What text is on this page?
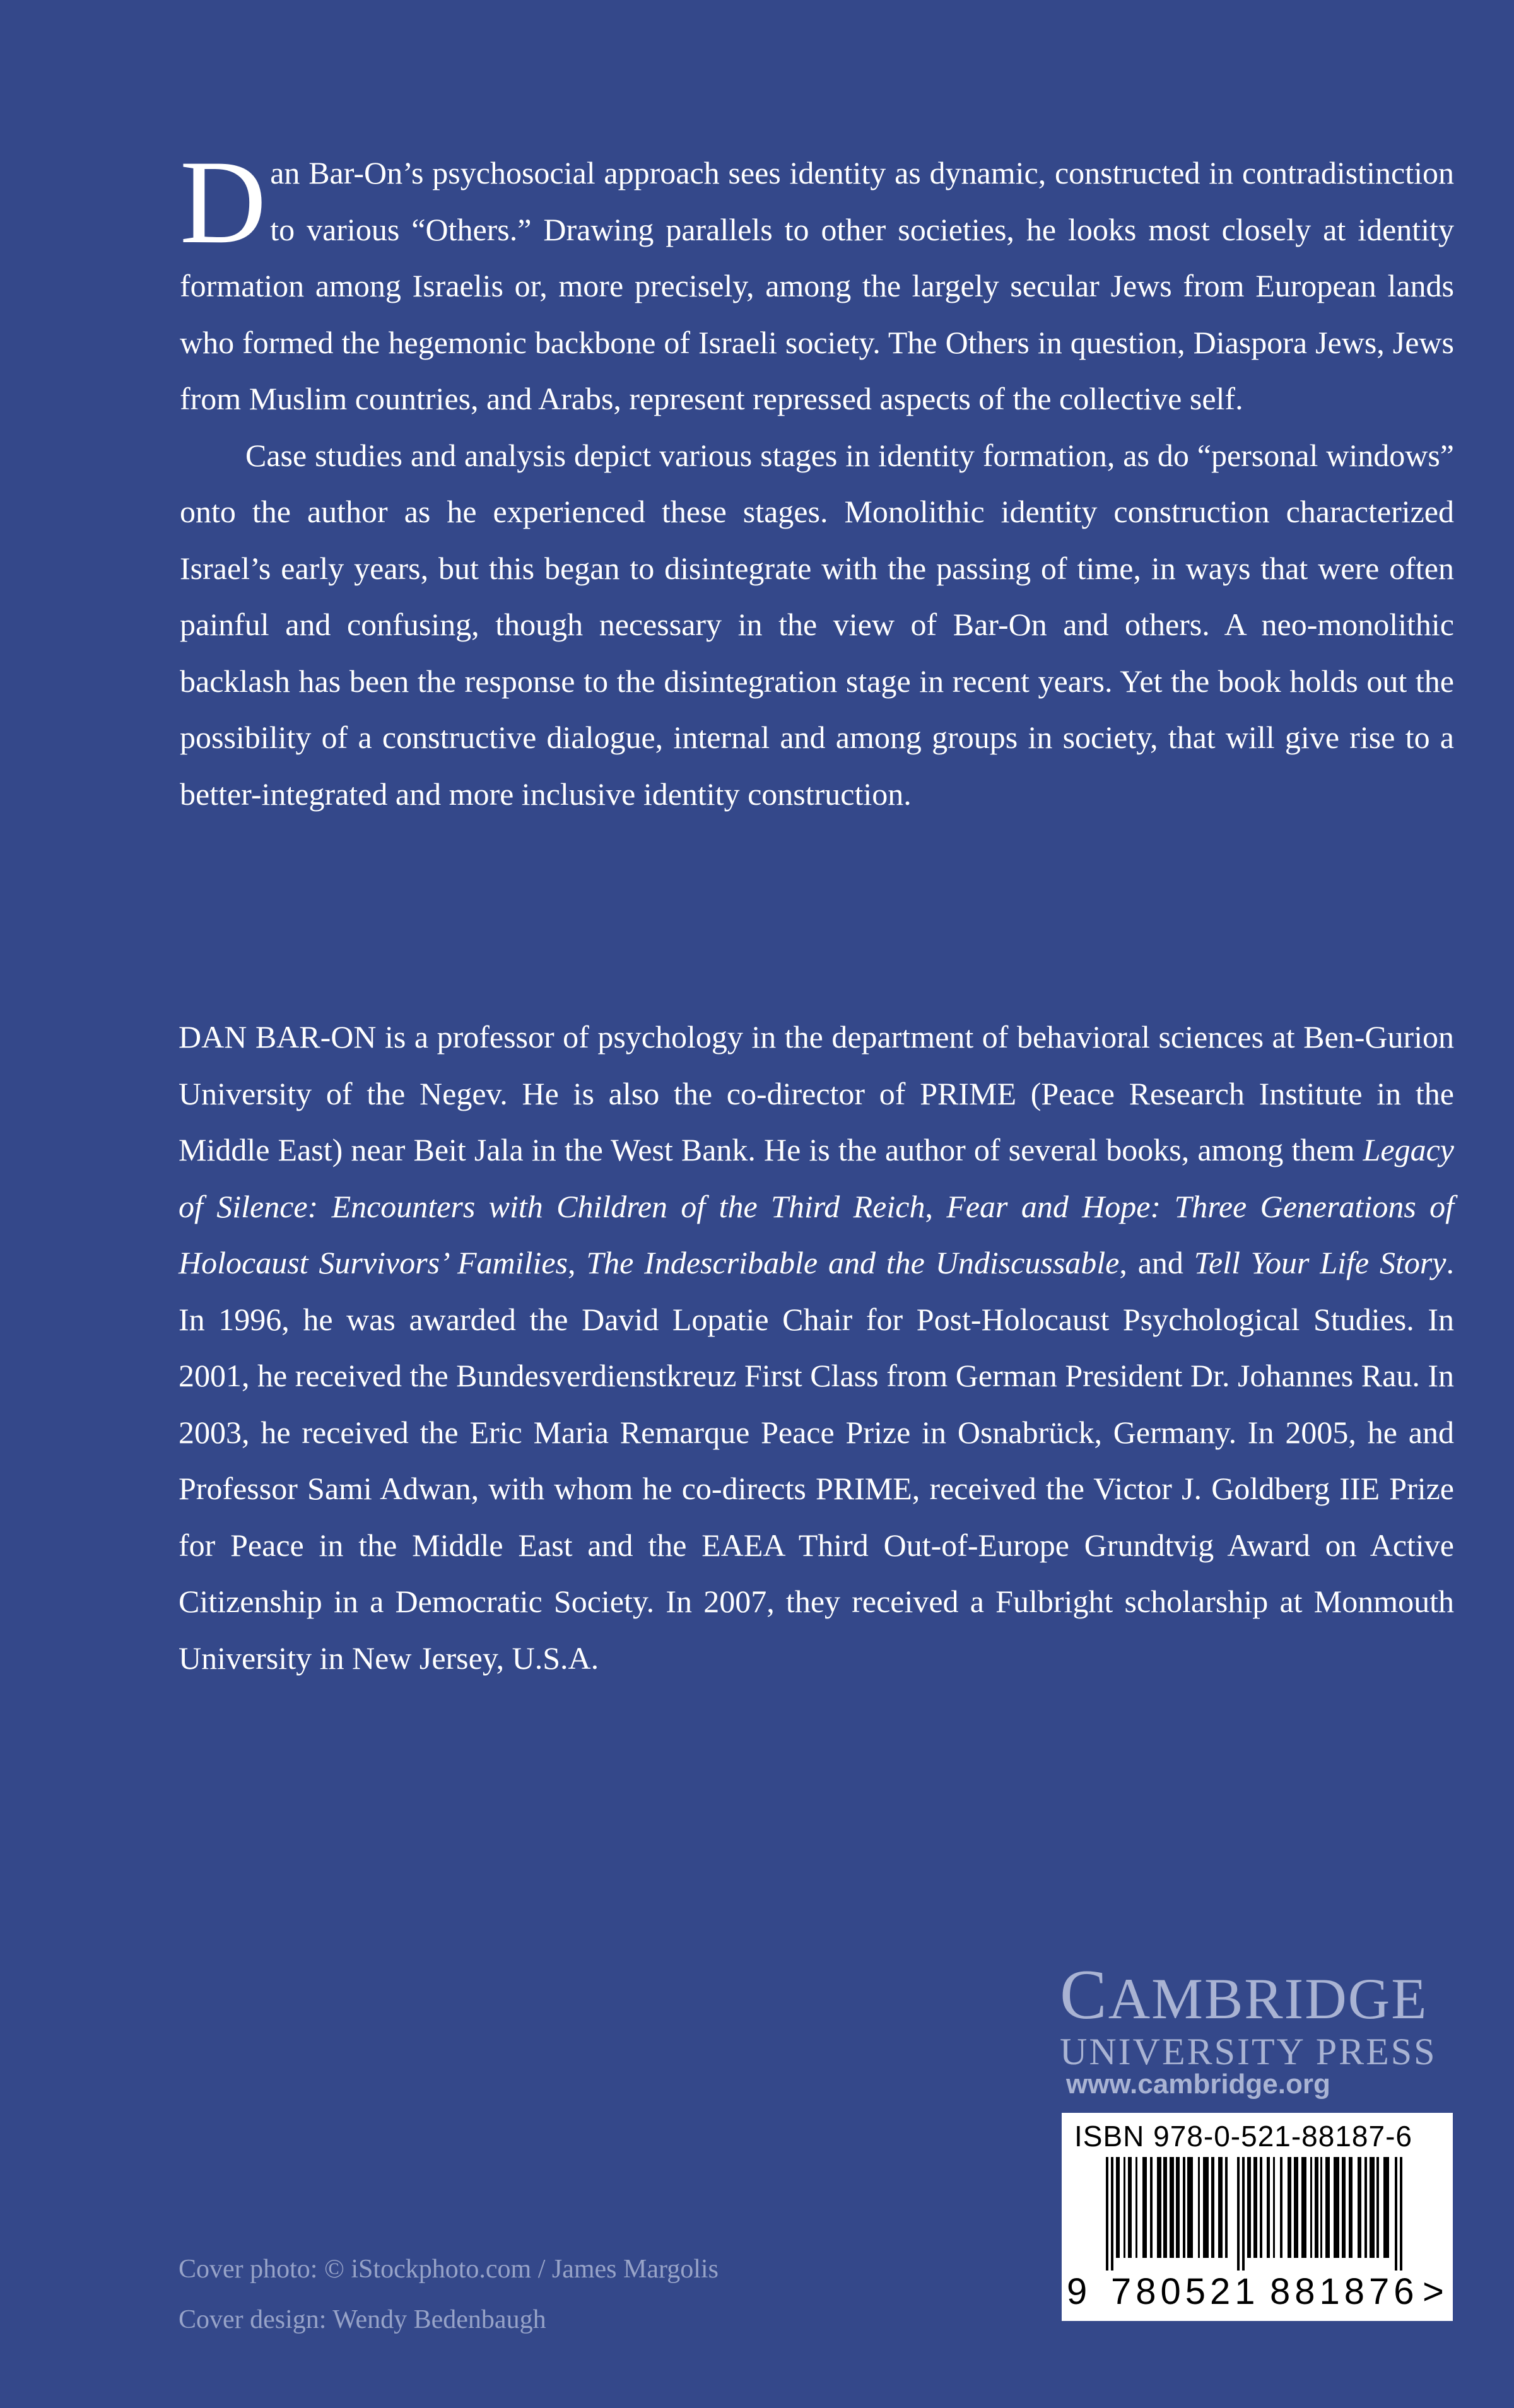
Dan Bar-On’s psychosocial approach sees identity as dynamic, constructed in contradistinction to various “Others.” Drawing parallels to other societies, he looks most closely at identity formation among Israelis or, more precisely, among the largely secular Jews from European lands who formed the hegemonic backbone of Israeli society. The Others in question, Diaspora Jews, Jews from Muslim countries, and Arabs, represent repressed aspects of the collective self.

Case studies and analysis depict various stages in identity formation, as do “personal windows” onto the author as he experienced these stages. Monolithic identity construction characterized Israel’s early years, but this began to disintegrate with the passing of time, in ways that were often painful and confusing, though necessary in the view of Bar-On and others. A neo-monolithic backlash has been the response to the disintegration stage in recent years. Yet the book holds out the possibility of a constructive dialogue, internal and among groups in society, that will give rise to a better-integrated and more inclusive identity construction.

DAN BAR-ON is a professor of psychology in the department of behavioral sciences at Ben-Gurion University of the Negev. He is also the co-director of PRIME (Peace Research Institute in the Middle East) near Beit Jala in the West Bank. He is the author of several books, among them Legacy of Silence: Encounters with Children of the Third Reich, Fear and Hope: Three Generations of Holocaust Survivors’ Families, The Indescribable and the Undiscussable, and Tell Your Life Story. In 1996, he was awarded the David Lopatie Chair for Post-Holocaust Psychological Studies. In 2001, he received the Bundesverdienstkreuz First Class from German President Dr. Johannes Rau. In 2003, he received the Eric Maria Remarque Peace Prize in Osnabrück, Germany. In 2005, he and Professor Sami Adwan, with whom he co-directs PRIME, received the Victor J. Goldberg IIE Prize for Peace in the Middle East and the EAEA Third Out-of-Europe Grundtvig Award on Active Citizenship in a Democratic Society. In 2007, they received a Fulbright scholarship at Monmouth University in New Jersey, U.S.A.

CAMBRIDGE
UNIVERSITY PRESS
www.cambridge.org
ISBN 978-0-521-88187-6
9 780521 881876 >
Cover photo: © iStockphoto.com / James Margolis
Cover design: Wendy Bedenbaugh
